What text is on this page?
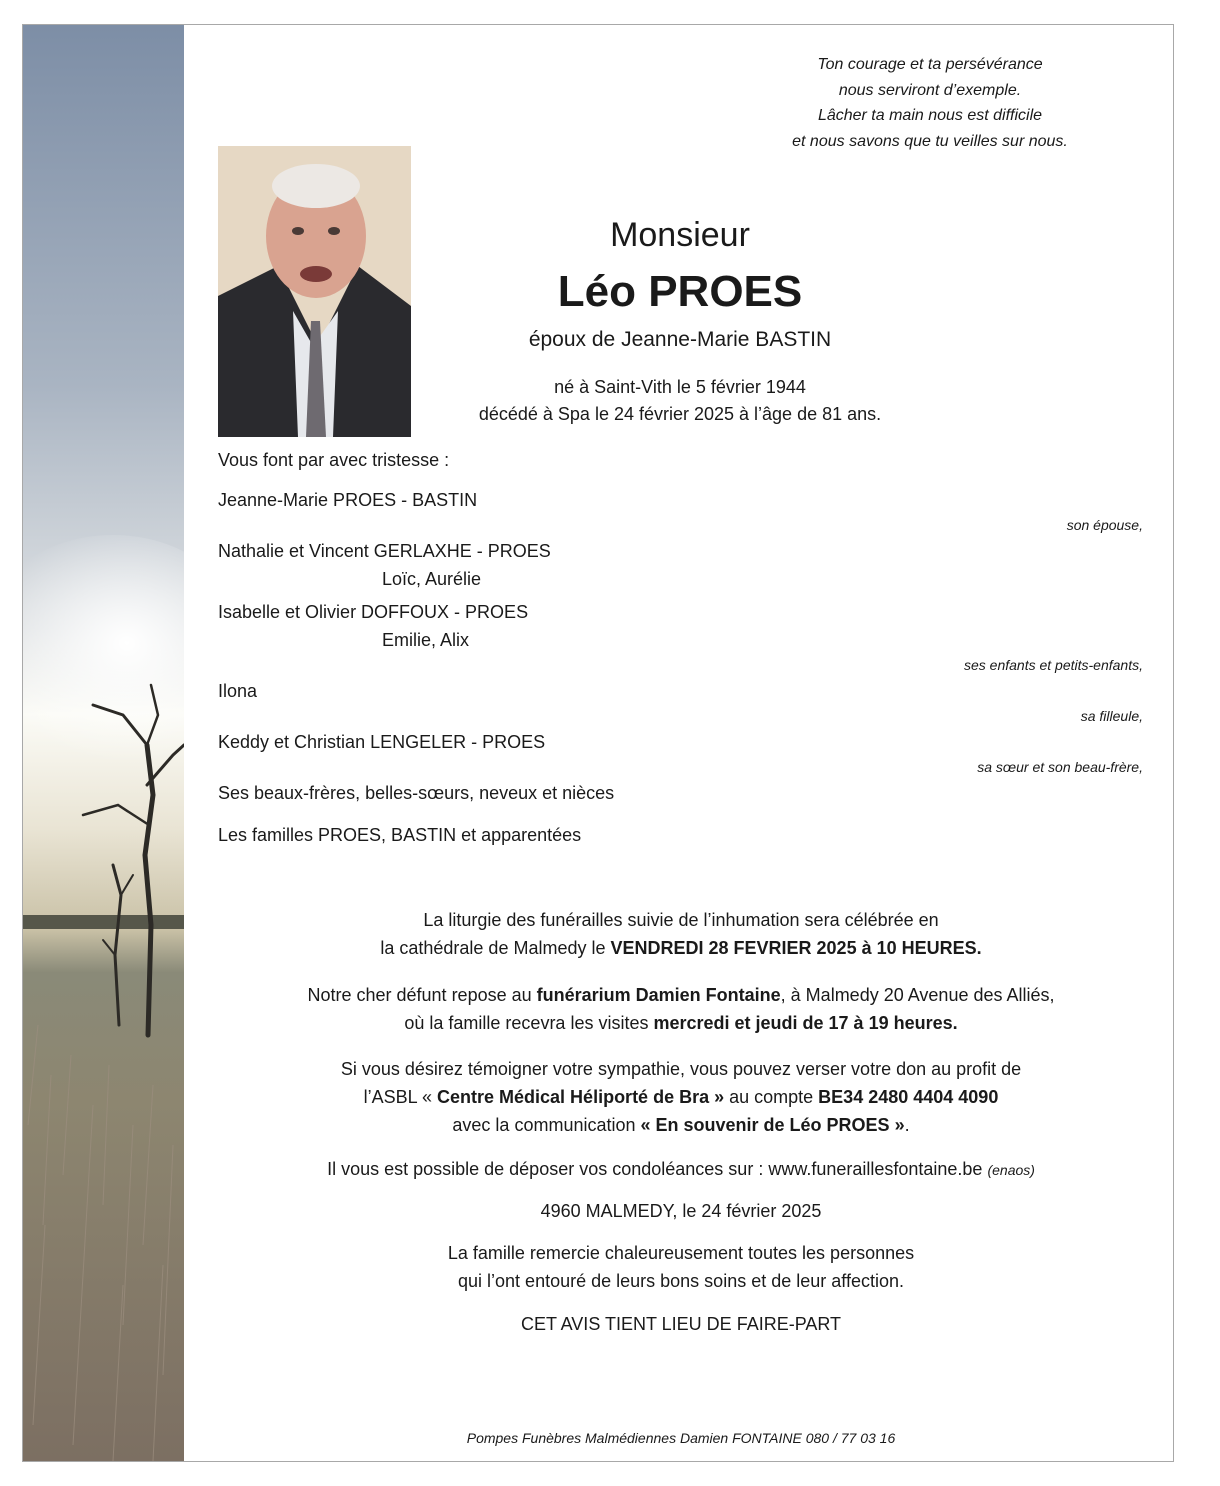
Ton courage et ta persévérance
nous serviront d’exemple.
Lâcher ta main nous est difficile
et nous savons que tu veilles sur nous.
Monsieur
Léo PROES
époux de Jeanne-Marie BASTIN
né à Saint-Vith le 5 février 1944
décédé à Spa le 24 février 2025 à l’âge de 81 ans.
Vous font par avec tristesse :
Jeanne-Marie PROES - BASTIN
son épouse,
Nathalie et Vincent GERLAXHE - PROES
Loïc, Aurélie
Isabelle et Olivier DOFFOUX - PROES
Emilie, Alix
ses enfants et petits-enfants,
Ilona
sa filleule,
Keddy et Christian LENGELER - PROES
sa sœur et son beau-frère,
Ses beaux-frères, belles-sœurs, neveux et nièces
Les familles PROES, BASTIN et apparentées
La liturgie des funérailles suivie de l’inhumation sera célébrée en
la cathédrale de Malmedy le VENDREDI 28 FEVRIER 2025 à 10 HEURES.
Notre cher défunt repose au funérarium Damien Fontaine, à Malmedy 20 Avenue des Alliés,
où la famille recevra les visites mercredi et jeudi de 17 à 19 heures.
Si vous désirez témoigner votre sympathie, vous pouvez verser votre don au profit de
l’ASBL « Centre Médical Héliporté de Bra » au compte BE34 2480 4404 4090
avec la communication « En souvenir de Léo PROES ».
Il vous est possible de déposer vos condoléances sur : www.funeraillesfontaine.be (enaos)
4960 MALMEDY, le 24 février 2025
La famille remercie chaleureusement toutes les personnes
qui l’ont entouré de leurs bons soins et de leur affection.
CET AVIS TIENT LIEU DE FAIRE-PART
Pompes Funèbres Malmédiennes Damien FONTAINE 080 / 77 03 16
